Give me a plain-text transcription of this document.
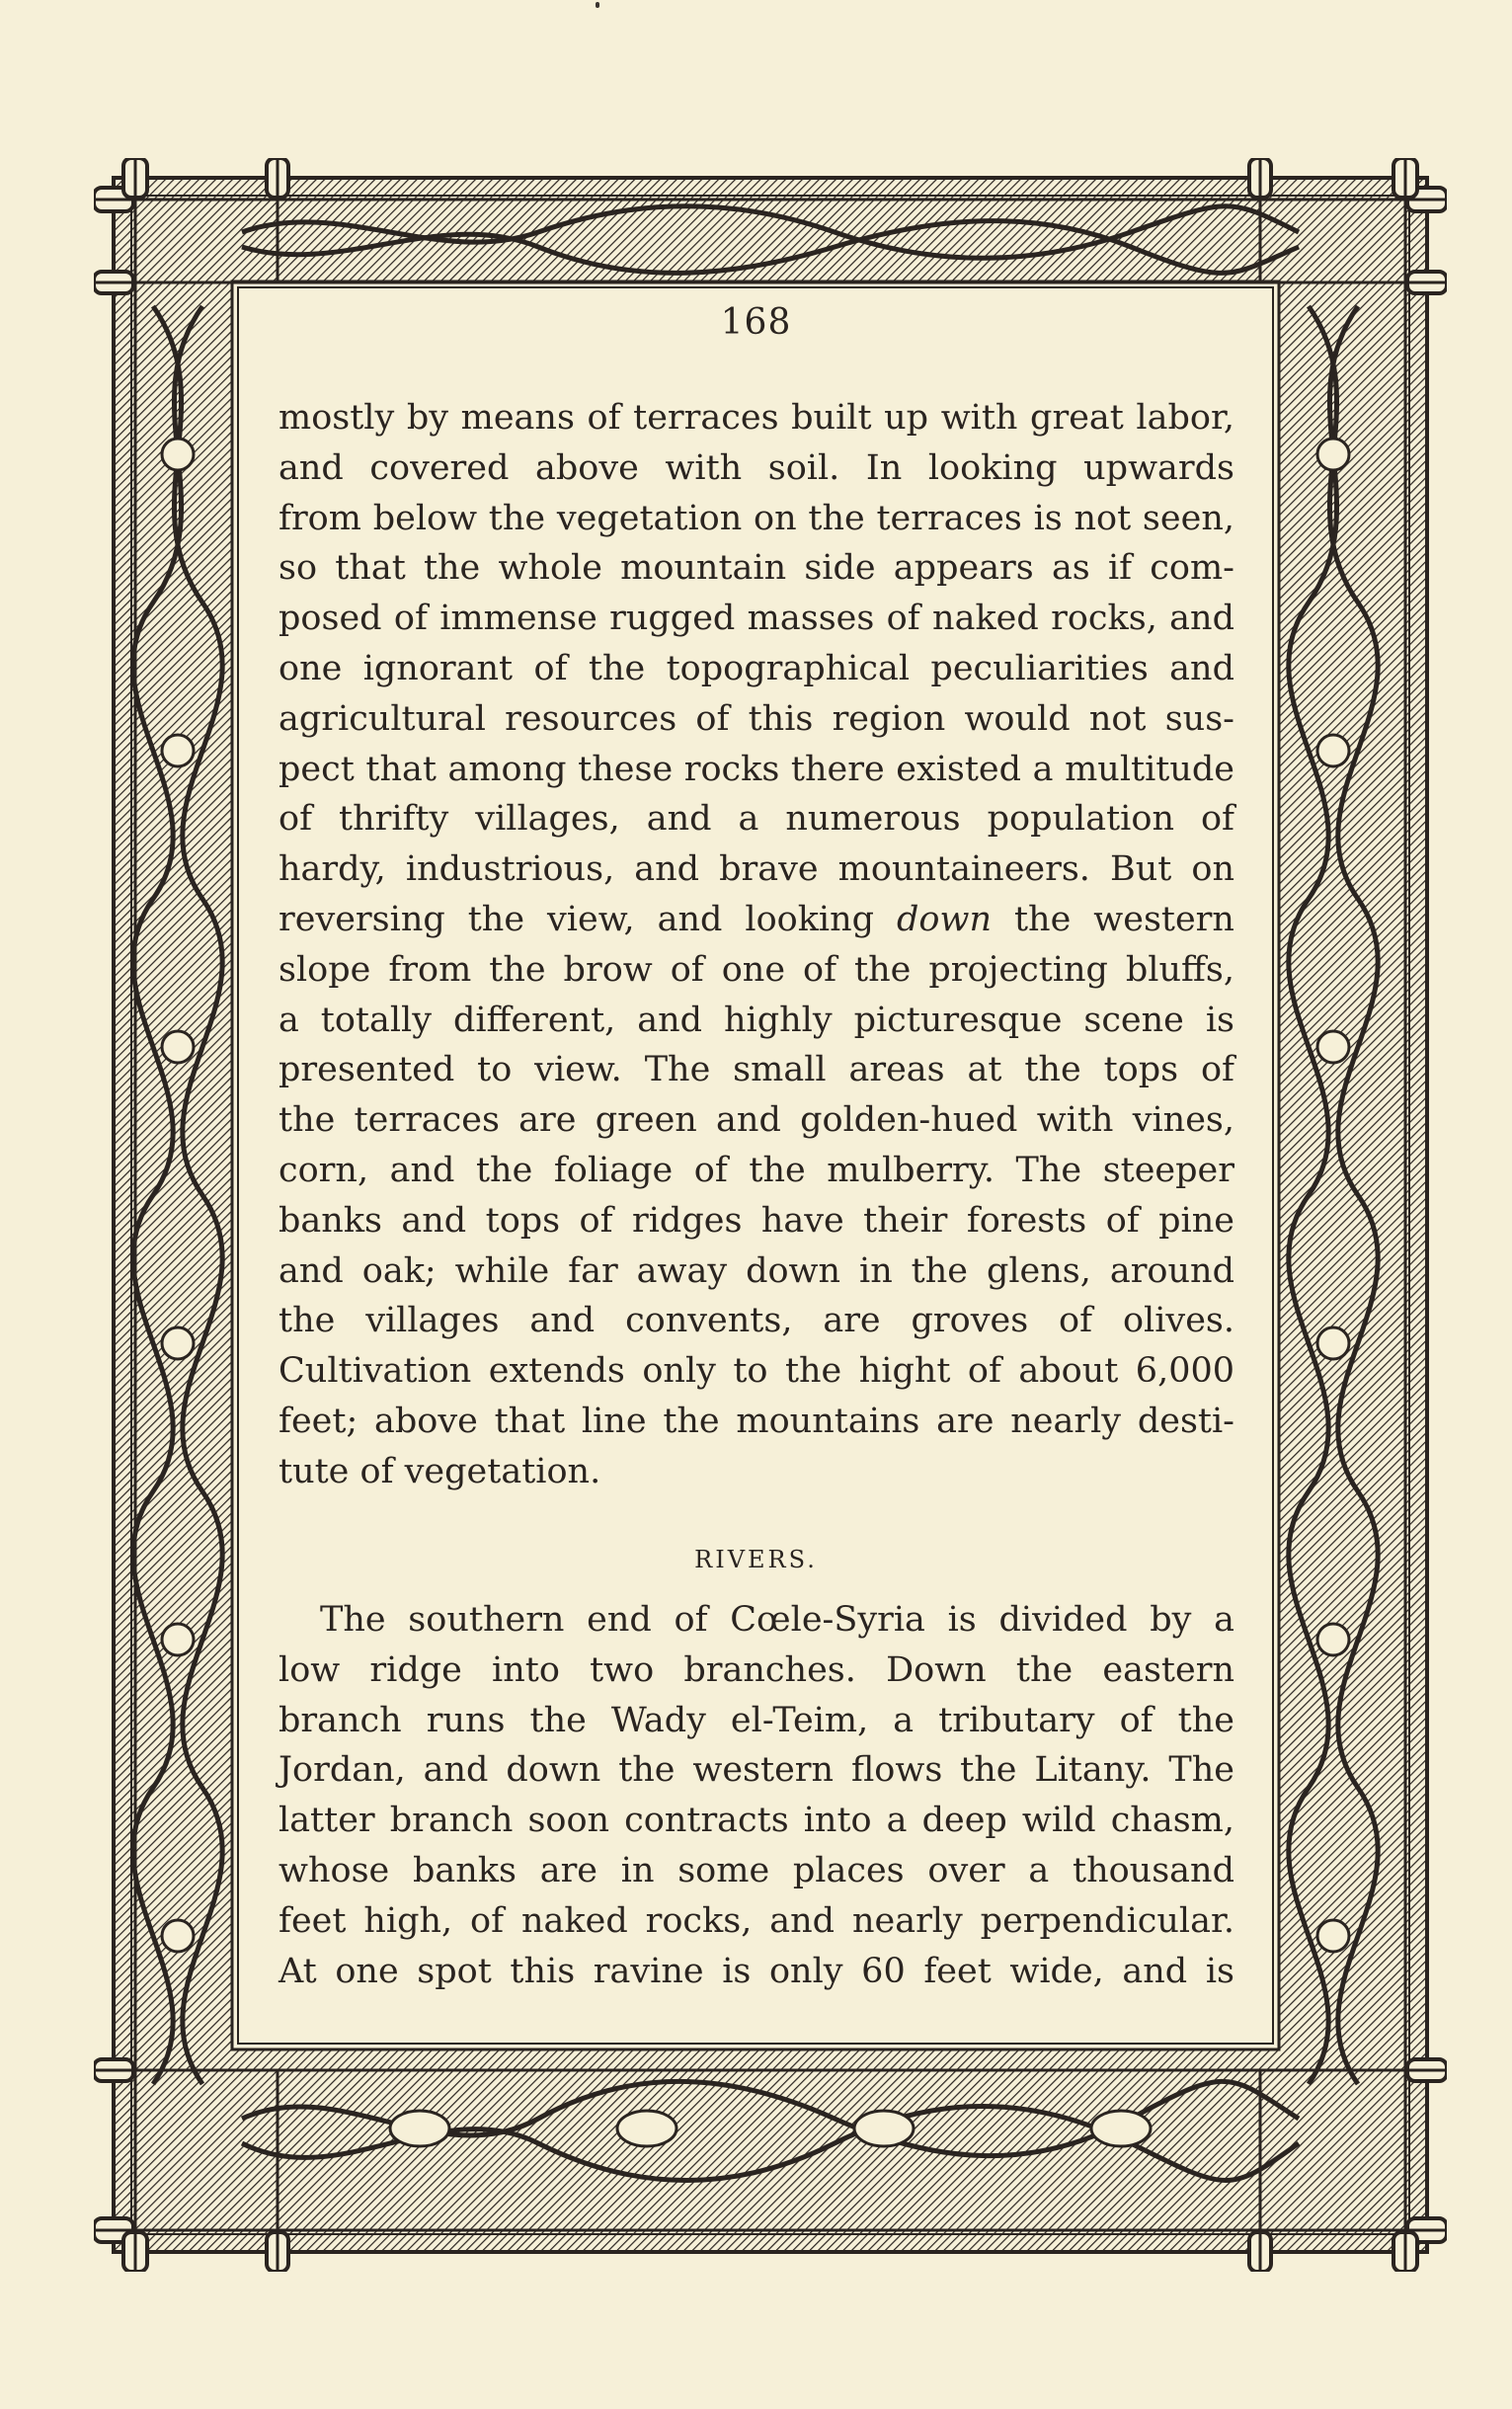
168
mostly by means of terraces built up with great labor,
and covered above with soil. In looking upwards
from below the vegetation on the terraces is not seen,
so that the whole mountain side appears as if com-
posed of immense rugged masses of naked rocks, and
one ignorant of the topographical peculiarities and
agricultural resources of this region would not sus-
pect that among these rocks there existed a multitude
of thrifty villages, and a numerous population of
hardy, industrious, and brave mountaineers. But on
reversing the view, and looking down the western
slope from the brow of one of the projecting bluffs,
a totally different, and highly picturesque scene is
presented to view. The small areas at the tops of
the terraces are green and golden-hued with vines,
corn, and the foliage of the mulberry. The steeper
banks and tops of ridges have their forests of pine
and oak; while far away down in the glens, around
the villages and convents, are groves of olives.
Cultivation extends only to the hight of about 6,000
feet; above that line the mountains are nearly desti-
tute of vegetation.
RIVERS.
The southern end of Cœle-Syria is divided by a
low ridge into two branches. Down the eastern
branch runs the Wady el-Teim, a tributary of the
Jordan, and down the western flows the Litany. The
latter branch soon contracts into a deep wild chasm,
whose banks are in some places over a thousand
feet high, of naked rocks, and nearly perpendicular.
At one spot this ravine is only 60 feet wide, and is
